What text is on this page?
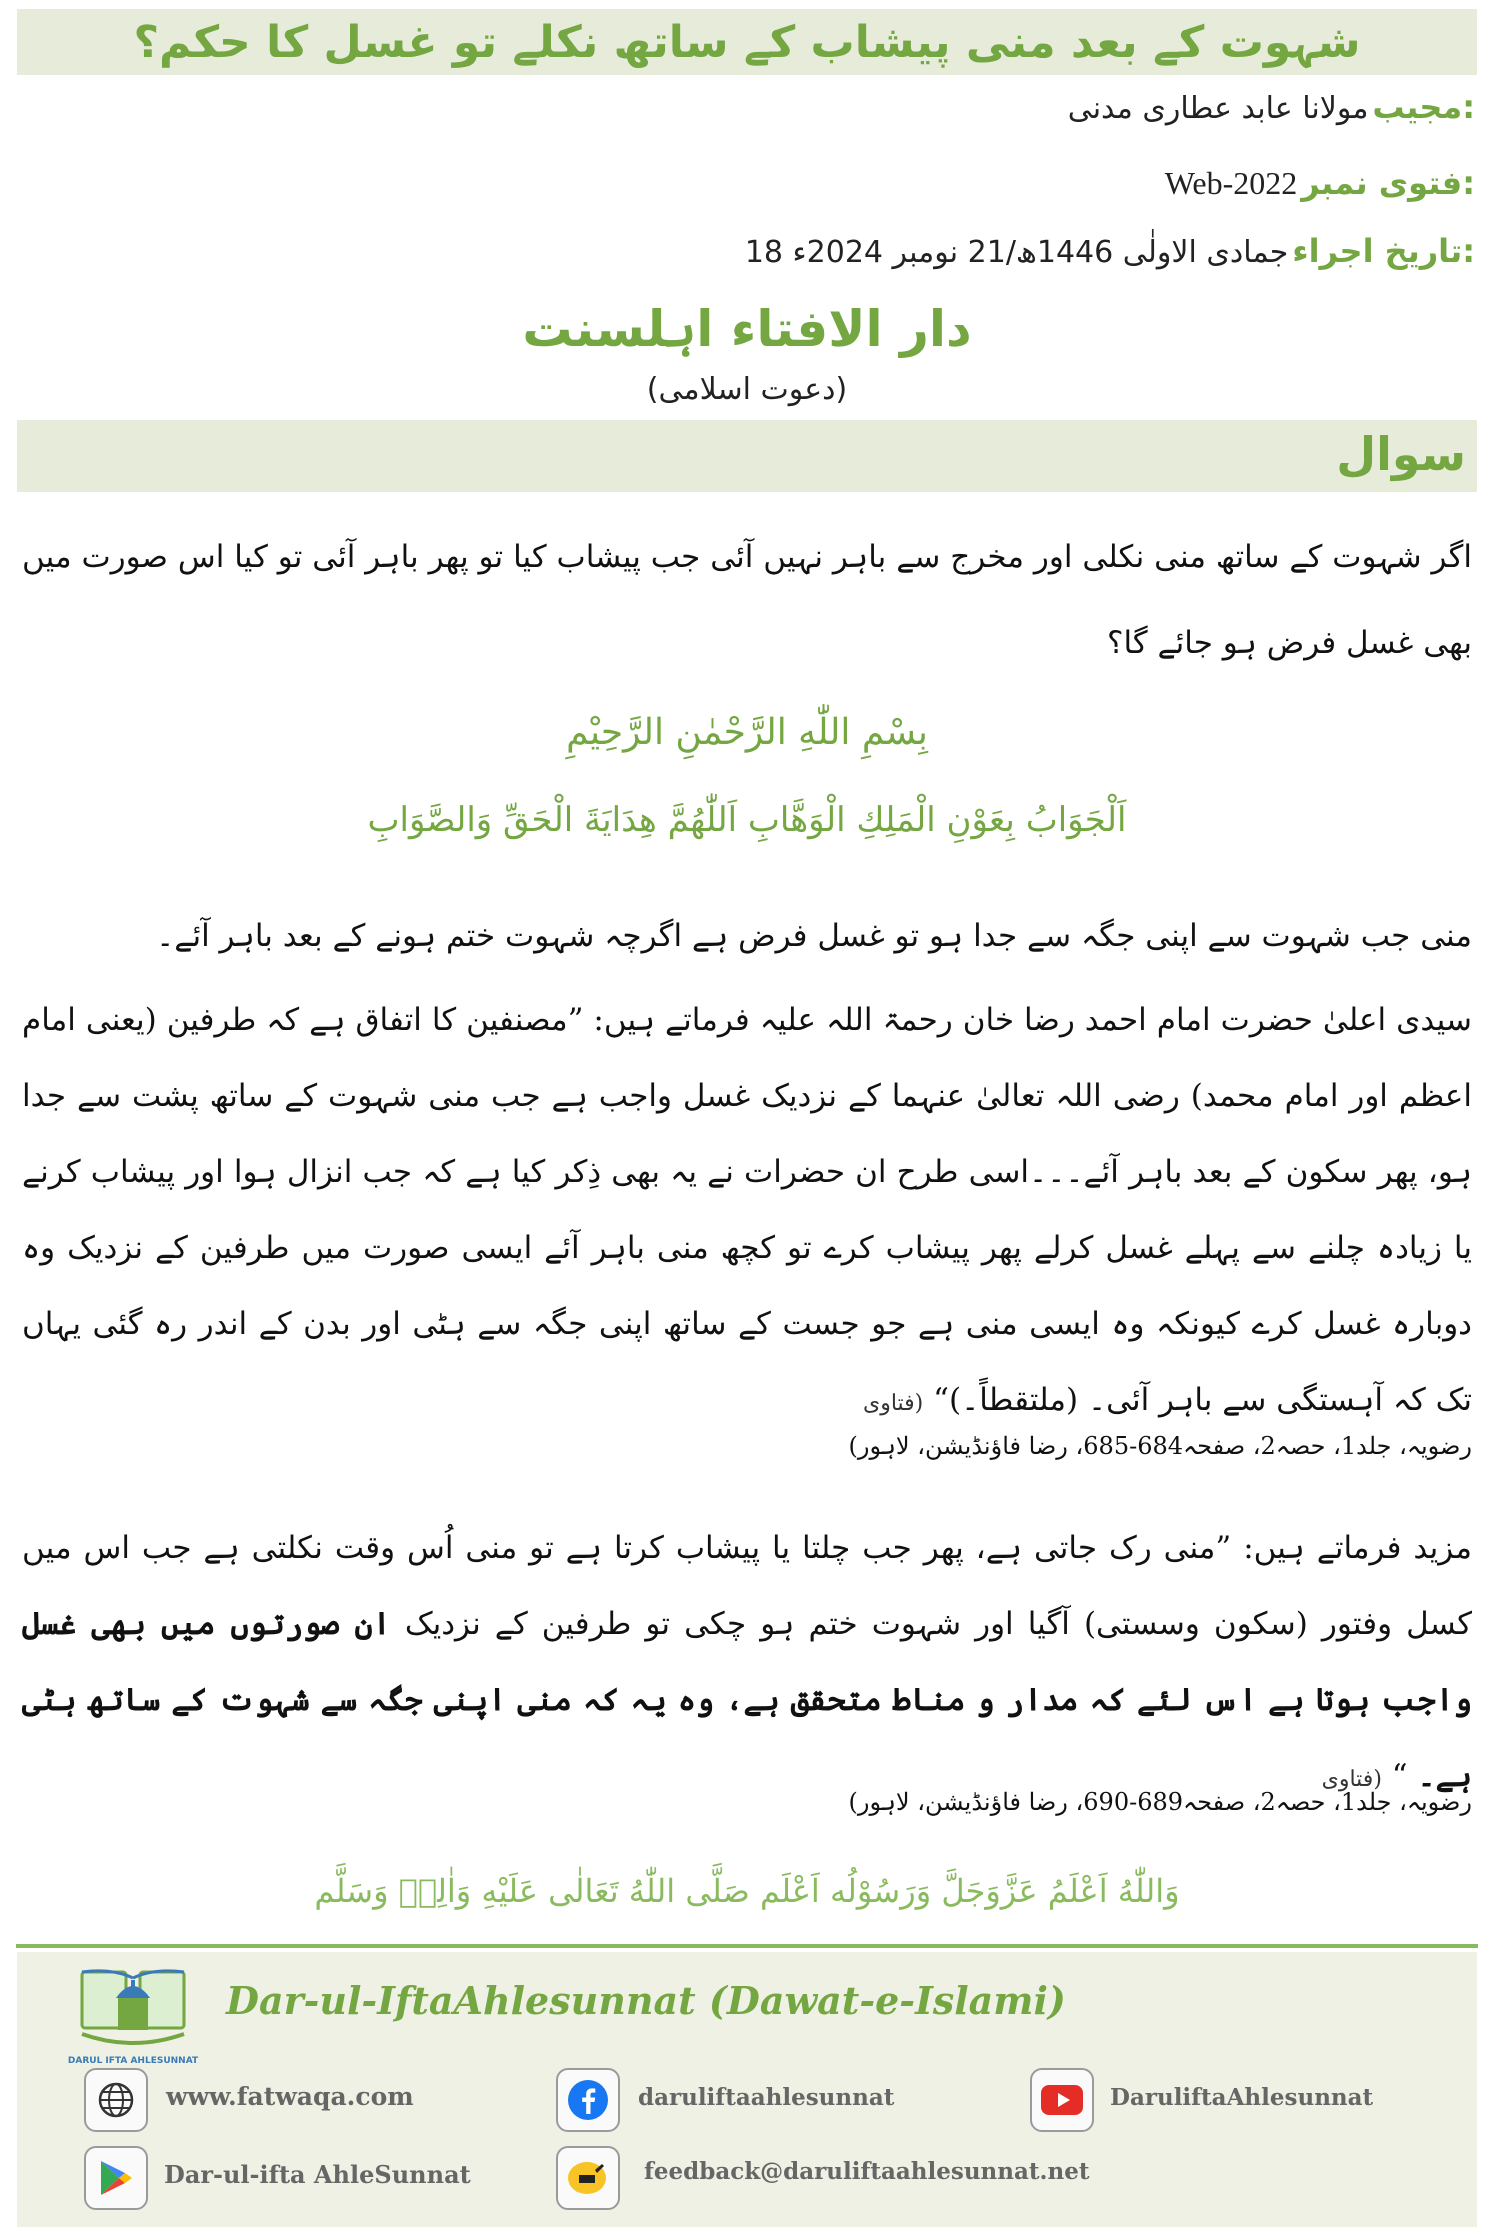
شہوت کے بعد منی پیشاب کے ساتھ نکلے تو غسل کا حکم؟
مجیب:
مولانا عابد عطاری مدنی
فتوی نمبر:
Web-2022
تاریخ اجراء:
18 جمادی الاولٰی 1446ھ/21 نومبر 2024ء
دار الافتاء اہلسنت
(دعوت اسلامی)
سوال
اگر شہوت کے ساتھ منی نکلی اور مخرج سے باہر نہیں آئی جب پیشاب کیا تو پھر باہر آئی تو کیا اس صورت میں بھی غسل فرض ہو جائے گا؟
بِسْمِ اللّٰهِ الرَّحْمٰنِ الرَّحِيْمِ
اَلْجَوَابُ بِعَوْنِ الْمَلِكِ الْوَهَّابِ اَللّٰهُمَّ هِدَايَةَ الْحَقِّ وَالصَّوَابِ
منی جب شہوت سے اپنی جگہ سے جدا ہو تو غسل فرض ہے اگرچہ شہوت ختم ہونے کے بعد باہر آئے۔
سیدی اعلیٰ حضرت امام احمد رضا خان رحمۃ اللہ علیہ فرماتے ہیں: ”مصنفین کا اتفاق ہے کہ طرفین (یعنی امام اعظم اور امام محمد) رضی اللہ تعالیٰ عنہما کے نزدیک غسل واجب ہے جب منی شہوت کے ساتھ پشت سے جدا ہو، پھر سکون کے بعد باہر آئے۔۔۔اسی طرح ان حضرات نے یہ بھی ذِکر کیا ہے کہ جب انزال ہوا اور پیشاب کرنے یا زیادہ چلنے سے پہلے غسل کرلے پھر پیشاب کرے تو کچھ منی باہر آئے ایسی صورت میں طرفین کے نزدیک وہ دوبارہ غسل کرے کیونکہ وہ ایسی منی ہے جو جست کے ساتھ اپنی جگہ سے ہٹی اور بدن کے اندر رہ گئی یہاں تک کہ آہستگی سے باہر آئی۔ (ملتقطاً۔)“ (فتاوی
رضویہ، جلد1، حصہ2، صفحہ684-685، رضا فاؤنڈیشن، لاہور)
مزید فرماتے ہیں: ”منی رک جاتی ہے، پھر جب چلتا یا پیشاب کرتا ہے تو منی اُس وقت نکلتی ہے جب اس میں کسل وفتور (سکون وسستی) آگیا اور شہوت ختم ہو چکی تو طرفین کے نزدیک ان صورتوں میں بھی غسل واجب ہوتا ہے اس لئے کہ مدار و مناط متحقق ہے، وہ یہ کہ منی اپنی جگہ سے شہوت کے ساتھ ہٹی ہے۔ “ (فتاوی
رضویہ، جلد1، حصہ2، صفحہ689-690، رضا فاؤنڈیشن، لاہور)
وَاللّٰهُ اَعْلَمُ عَزَّوَجَلَّ وَرَسُوْلُه اَعْلَم صَلَّى اللّٰهُ تَعَالٰى عَلَيْهِ وَاٰلِهٖ وَسَلَّم
DARUL IFTA AHLESUNNAT
Dar-ul-IftaAhlesunnat (Dawat-e-Islami)
www.fatwaqa.com	daruliftaahlesunnat	DaruliftaAhlesunnat
Dar-ul-ifta AhleSunnat	feedback@daruliftaahlesunnat.net
